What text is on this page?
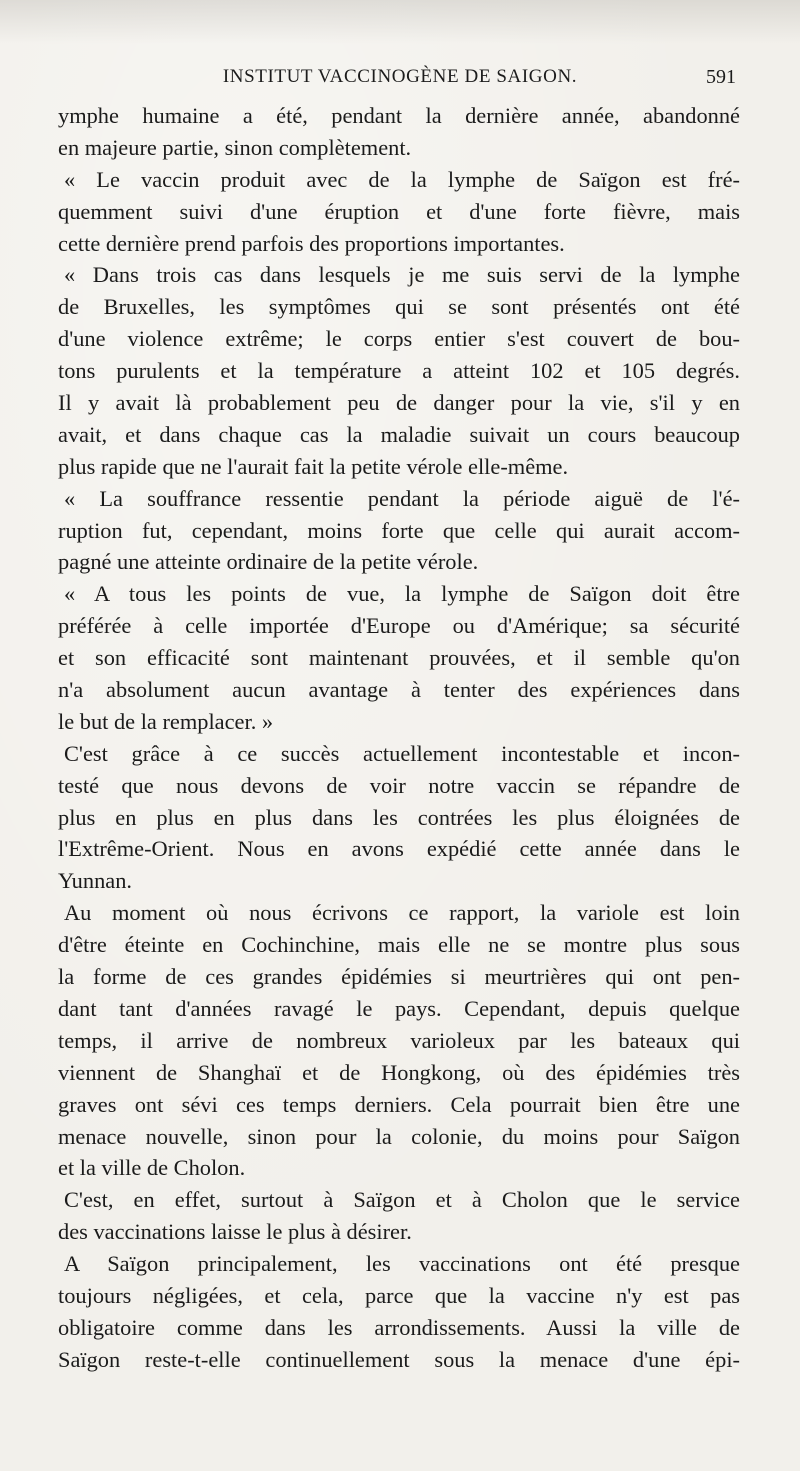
INSTITUT VACCINOGÈNE DE SAIGON.	591
ymphe humaine a été, pendant la dernière année, abandonné
en majeure partie, sinon complètement.
« Le vaccin produit avec de la lymphe de Saïgon est fré-
quemment suivi d'une éruption et d'une forte fièvre, mais
cette dernière prend parfois des proportions importantes.
« Dans trois cas dans lesquels je me suis servi de la lymphe
de Bruxelles, les symptômes qui se sont présentés ont été
d'une violence extrême; le corps entier s'est couvert de bou-
tons purulents et la température a atteint 102 et 105 degrés.
Il y avait là probablement peu de danger pour la vie, s'il y en
avait, et dans chaque cas la maladie suivait un cours beaucoup
plus rapide que ne l'aurait fait la petite vérole elle-même.
« La souffrance ressentie pendant la période aiguë de l'é-
ruption fut, cependant, moins forte que celle qui aurait accom-
pagné une atteinte ordinaire de la petite vérole.
« A tous les points de vue, la lymphe de Saïgon doit être
préférée à celle importée d'Europe ou d'Amérique; sa sécurité
et son efficacité sont maintenant prouvées, et il semble qu'on
n'a absolument aucun avantage à tenter des expériences dans
le but de la remplacer. »
C'est grâce à ce succès actuellement incontestable et incon-
testé que nous devons de voir notre vaccin se répandre de
plus en plus en plus dans les contrées les plus éloignées de
l'Extrême-Orient. Nous en avons expédié cette année dans le
Yunnan.
Au moment où nous écrivons ce rapport, la variole est loin
d'être éteinte en Cochinchine, mais elle ne se montre plus sous
la forme de ces grandes épidémies si meurtrières qui ont pen-
dant tant d'années ravagé le pays. Cependant, depuis quelque
temps, il arrive de nombreux varioleux par les bateaux qui
viennent de Shanghaï et de Hongkong, où des épidémies très
graves ont sévi ces temps derniers. Cela pourrait bien être une
menace nouvelle, sinon pour la colonie, du moins pour Saïgon
et la ville de Cholon.
C'est, en effet, surtout à Saïgon et à Cholon que le service
des vaccinations laisse le plus à désirer.
A Saïgon principalement, les vaccinations ont été presque
toujours négligées, et cela, parce que la vaccine n'y est pas
obligatoire comme dans les arrondissements. Aussi la ville de
Saïgon reste-t-elle continuellement sous la menace d'une épi-
